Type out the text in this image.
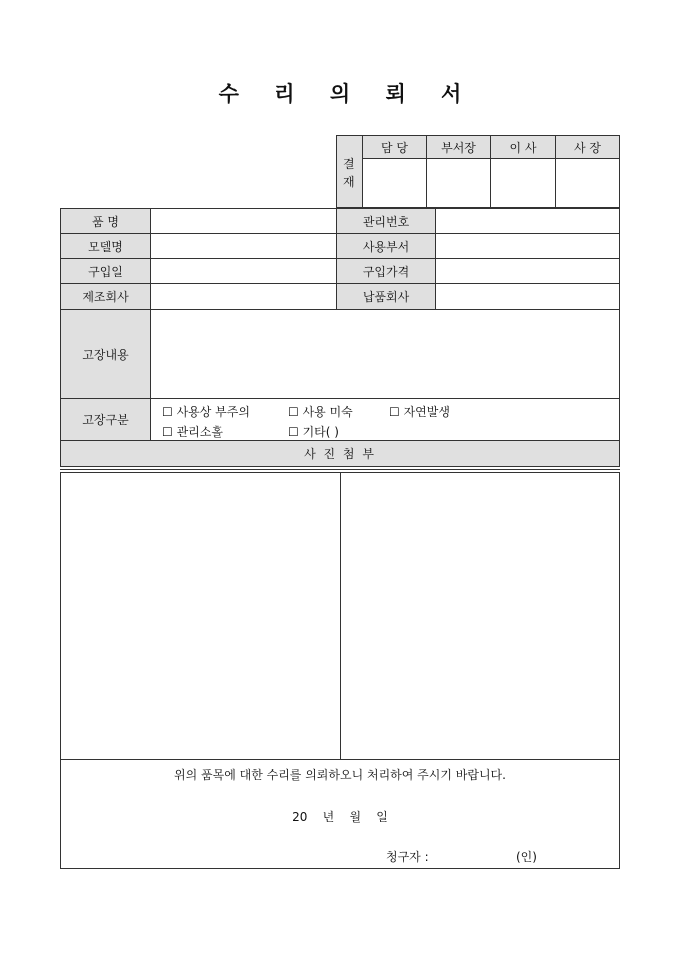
수 리 의 뢰 서
결
재
담 당	부서장	이 사	사 장
품 명	관리번호
모델명	사용부서
구입일	구입가격
제조회사	납품회사
고장내용
고장구분
☐ 사용상 부주의	☐ 사용 미숙	☐ 자연발생
☐ 관리소홀	☐ 기타( )
사 진 첨 부
위의 품목에 대한 수리를 의뢰하오니 처리하여 주시기 바랍니다.
20    년    월    일
청구자 :	(인)
